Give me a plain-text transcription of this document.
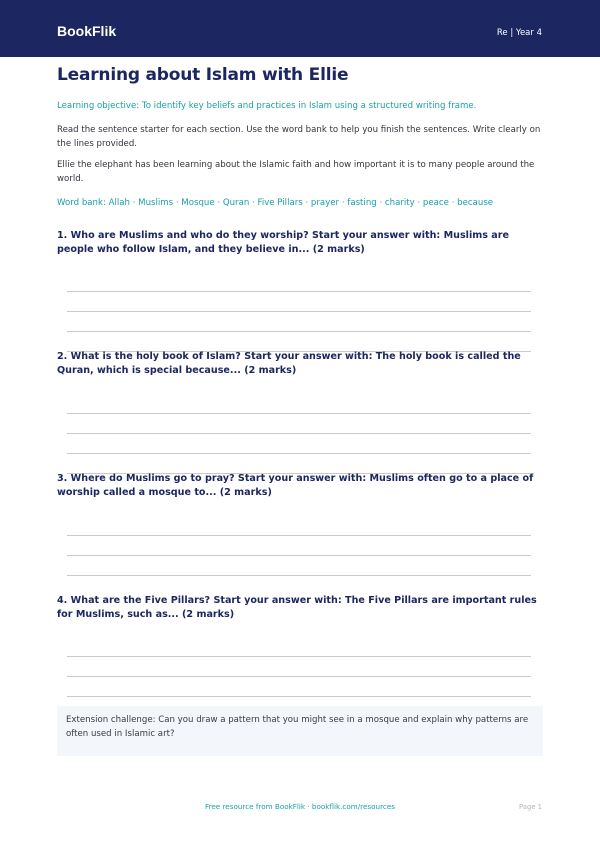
BookFlik	Re | Year 4
Learning about Islam with Ellie
Learning objective: To identify key beliefs and practices in Islam using a structured writing frame.
Read the sentence starter for each section. Use the word bank to help you finish the sentences. Write clearly on the lines provided.
Ellie the elephant has been learning about the Islamic faith and how important it is to many people around the world.
Word bank: Allah · Muslims · Mosque · Quran · Five Pillars · prayer · fasting · charity · peace · because
1. Who are Muslims and who do they worship? Start your answer with: Muslims are people who follow Islam, and they believe in... (2 marks)
2. What is the holy book of Islam? Start your answer with: The holy book is called the Quran, which is special because... (2 marks)
3. Where do Muslims go to pray? Start your answer with: Muslims often go to a place of worship called a mosque to... (2 marks)
4. What are the Five Pillars? Start your answer with: The Five Pillars are important rules for Muslims, such as... (2 marks)
Extension challenge: Can you draw a pattern that you might see in a mosque and explain why patterns are often used in Islamic art?
Free resource from BookFlik · bookflik.com/resources	Page 1
